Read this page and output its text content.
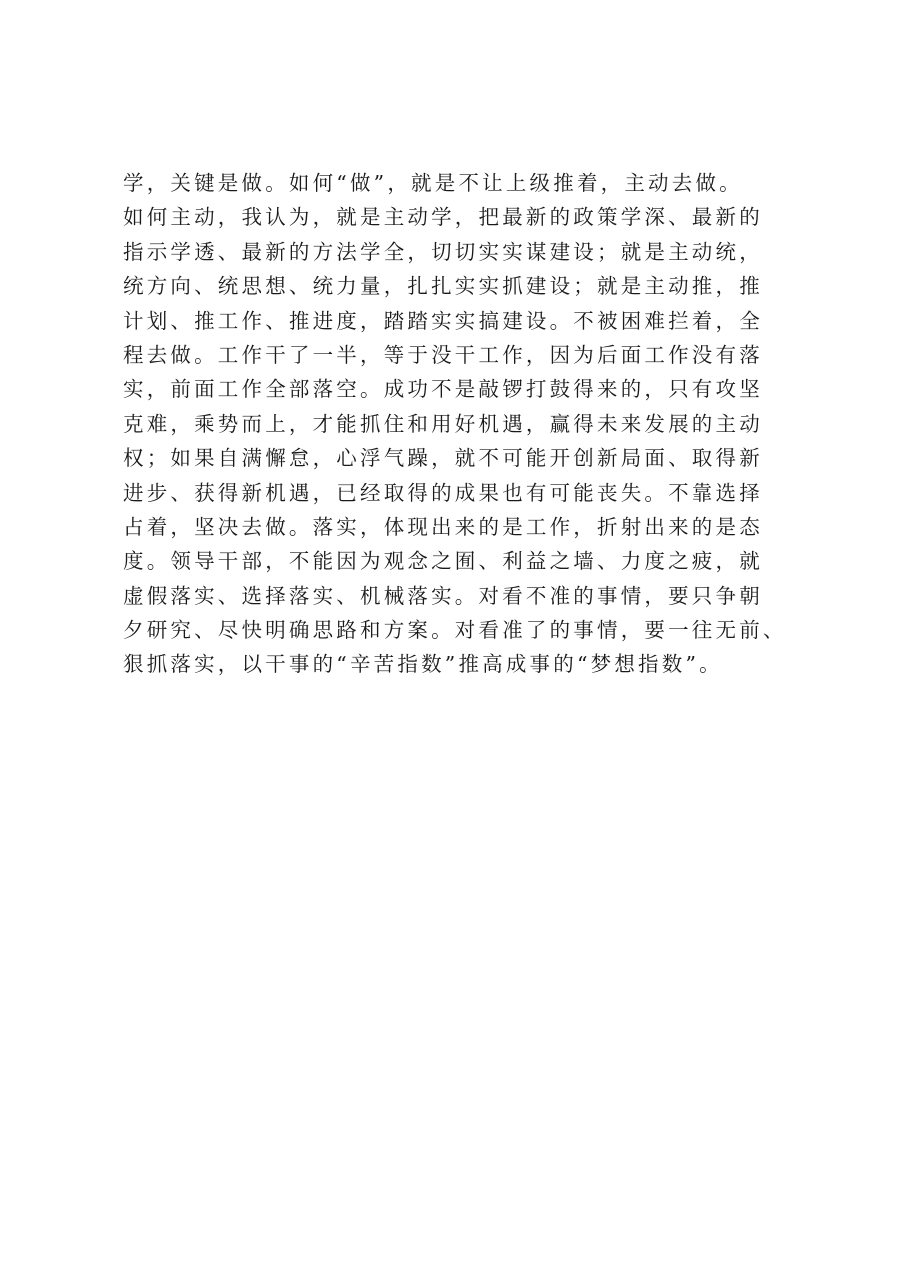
学，关键是做。如何“做”，就是不让上级推着，主动去做。
如何主动，我认为，就是主动学，把最新的政策学深、最新的
指示学透、最新的方法学全，切切实实谋建设；就是主动统，
统方向、统思想、统力量，扎扎实实抓建设；就是主动推，推
计划、推工作、推进度，踏踏实实搞建设。不被困难拦着，全
程去做。工作干了一半，等于没干工作，因为后面工作没有落
实，前面工作全部落空。成功不是敲锣打鼓得来的，只有攻坚
克难，乘势而上，才能抓住和用好机遇，赢得未来发展的主动
权；如果自满懈怠，心浮气躁，就不可能开创新局面、取得新
进步、获得新机遇，已经取得的成果也有可能丧失。不靠选择
占着，坚决去做。落实，体现出来的是工作，折射出来的是态
度。领导干部，不能因为观念之囿、利益之墙、力度之疲，就
虚假落实、选择落实、机械落实。对看不准的事情，要只争朝
夕研究、尽快明确思路和方案。对看准了的事情，要一往无前、
狠抓落实，以干事的“辛苦指数”推高成事的“梦想指数”。
